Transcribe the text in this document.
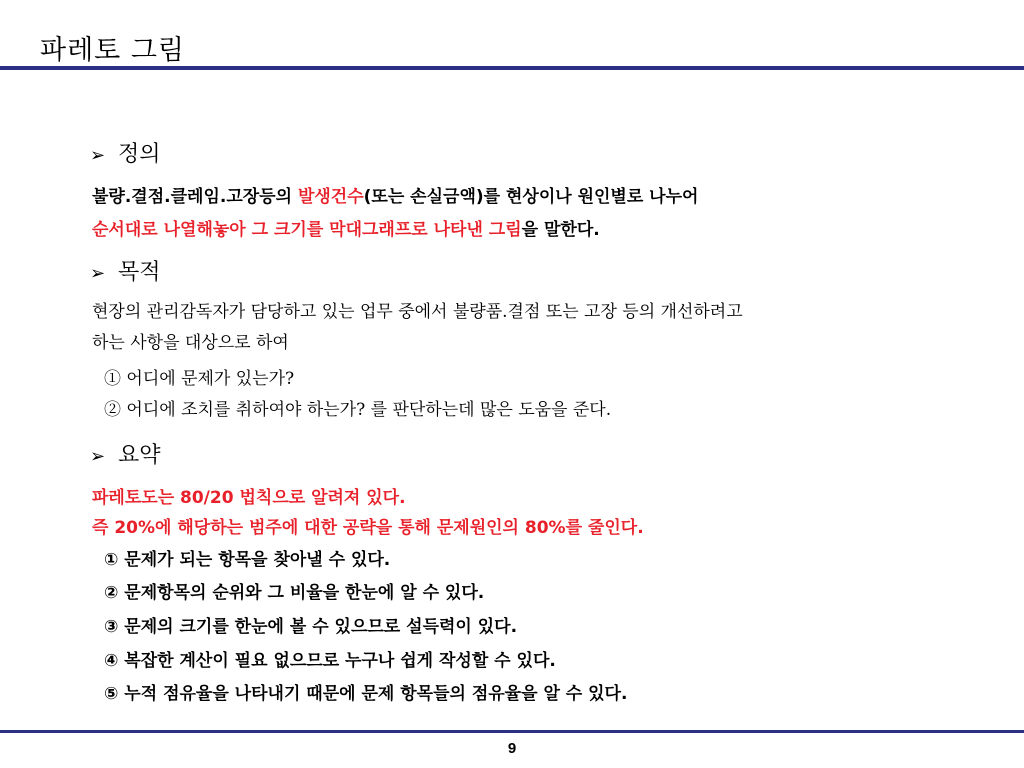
파레토 그림
➢ 정의
불량.결점.클레임.고장등의 발생건수(또는 손실금액)를 현상이나 원인별로 나누어
순서대로 나열해놓아 그 크기를 막대그래프로 나타낸 그림을 말한다.
➢ 목적
현장의 관리감독자가 담당하고 있는 업무 중에서 불량품.결점 또는 고장 등의 개선하려고
하는 사항을 대상으로 하여
① 어디에 문제가 있는가?
② 어디에 조치를 취하여야 하는가? 를 판단하는데 많은 도움을 준다.
➢ 요약
파레토도는 80/20 법칙으로 알려져 있다.
즉 20%에 해당하는 범주에 대한 공략을 통해 문제원인의 80%를 줄인다.
① 문제가 되는 항목을 찾아낼 수 있다.
② 문제항목의 순위와 그 비율을 한눈에 알 수 있다.
③ 문제의 크기를 한눈에 볼 수 있으므로 설득력이 있다.
④ 복잡한 계산이 필요 없으므로 누구나 쉽게 작성할 수 있다.
⑤ 누적 점유율을 나타내기 때문에 문제 항목들의 점유율을 알 수 있다.
9
